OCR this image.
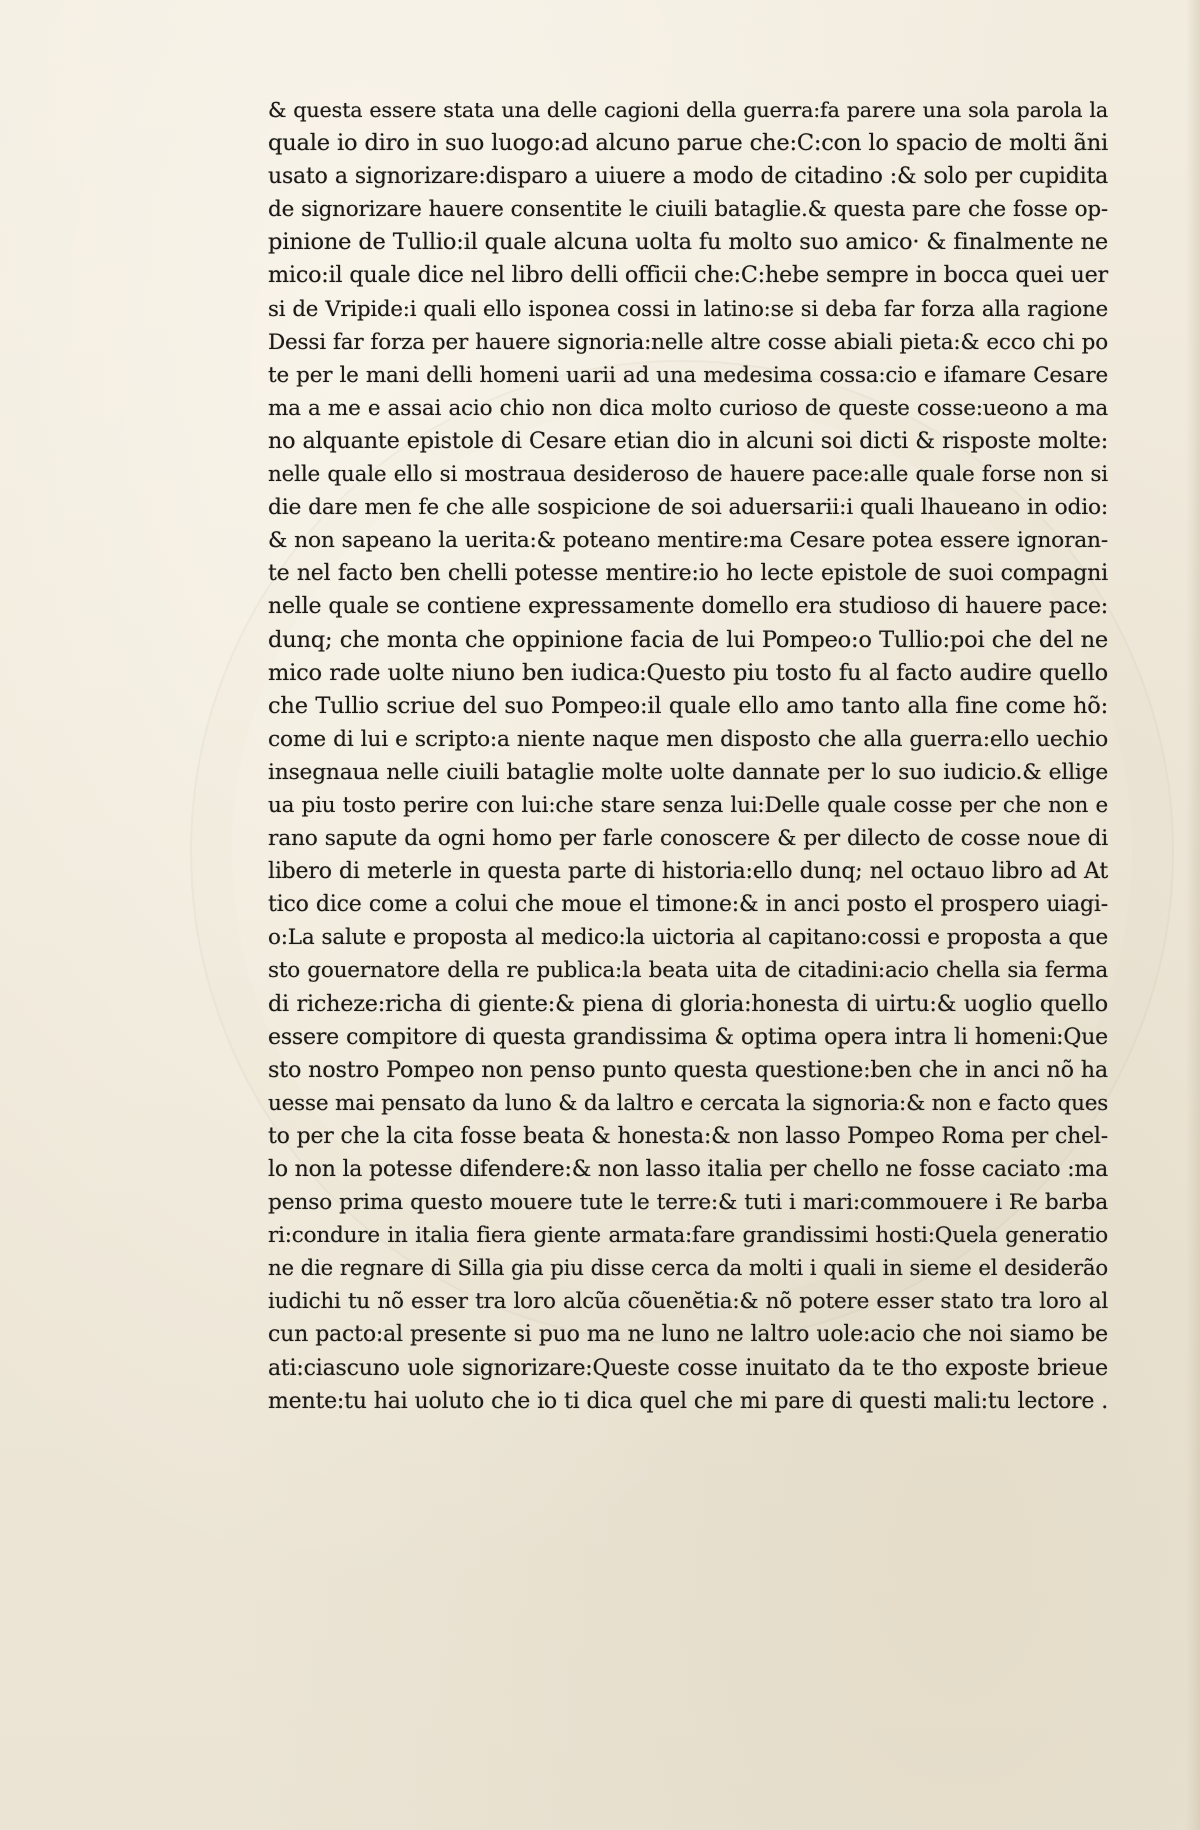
& questa essere stata una delle cagioni della guerra:fa parere una sola parola la
quale io diro in suo luogo:ad alcuno parue che:C:con lo spacio de molti ãni
usato a signorizare:disparo a uiuere a modo de citadino :& solo per cupidita
de signorizare hauere consentite le ciuili bataglie.& questa pare che fosse op-
pinione de Tullio:il quale alcuna uolta fu molto suo amico· & finalmente ne
mico:il quale dice nel libro delli officii che:C:hebe sempre in bocca quei uer
si de Vripide:i quali ello isponea cossi in latino:se si deba far forza alla ragione
Dessi far forza per hauere signoria:nelle altre cosse abiali pieta:& ecco chi po
te per le mani delli homeni uarii ad una medesima cossa:cio e ifamare Cesare
ma a me e assai acio chio non dica molto curioso de queste cosse:ueono a ma
no alquante epistole di Cesare etian dio in alcuni soi dicti & risposte molte:
nelle quale ello si mostraua desideroso de hauere pace:alle quale forse non si
die dare men fe che alle sospicione de soi aduersarii:i quali lhaueano in odio:
& non sapeano la uerita:& poteano mentire:ma Cesare potea essere ignoran-
te nel facto ben chelli potesse mentire:io ho lecte epistole de suoi compagni
nelle quale se contiene expressamente domello era studioso di hauere pace:
dunq; che monta che oppinione facia de lui Pompeo:o Tullio:poi che del ne
mico rade uolte niuno ben iudica:Questo piu tosto fu al facto audire quello
che Tullio scriue del suo Pompeo:il quale ello amo tanto alla fine come hõ:
come di lui e scripto:a niente naque men disposto che alla guerra:ello uechio
insegnaua nelle ciuili bataglie molte uolte dannate per lo suo iudicio.& ellige
ua piu tosto perire con lui:che stare senza lui:Delle quale cosse per che non e
rano sapute da ogni homo per farle conoscere & per dilecto de cosse noue di
libero di meterle in questa parte di historia:ello dunq; nel octauo libro ad At
tico dice come a colui che moue el timone:& in anci posto el prospero uiagi-
o:La salute e proposta al medico:la uictoria al capitano:cossi e proposta a que
sto gouernatore della re publica:la beata uita de citadini:acio chella sia ferma
di richeze:richa di giente:& piena di gloria:honesta di uirtu:& uoglio quello
essere compitore di questa grandissima & optima opera intra li homeni:Que
sto nostro Pompeo non penso punto questa questione:ben che in anci nõ ha
uesse mai pensato da luno & da laltro e cercata la signoria:& non e facto ques
to per che la cita fosse beata & honesta:& non lasso Pompeo Roma per chel-
lo non la potesse difendere:& non lasso italia per chello ne fosse caciato :ma
penso prima questo mouere tute le terre:& tuti i mari:commouere i Re barba
ri:condure in italia fiera giente armata:fare grandissimi hosti:Quela generatio
ne die regnare di Silla gia piu disse cerca da molti i quali in sieme el desiderão
iudichi tu nõ esser tra loro alcũa cõuenĕtia:& nõ potere esser stato tra loro al
cun pacto:al presente si puo ma ne luno ne laltro uole:acio che noi siamo be
ati:ciascuno uole signorizare:Queste cosse inuitato da te tho exposte brieue
mente:tu hai uoluto che io ti dica quel che mi pare di questi mali:tu lectore .
